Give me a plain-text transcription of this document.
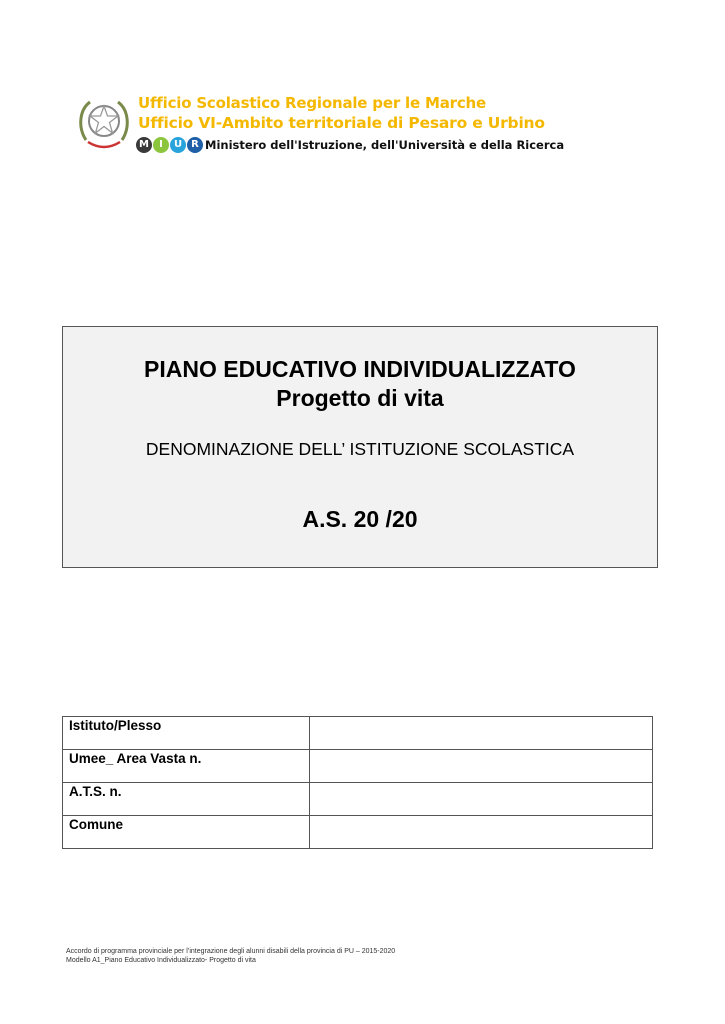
Ufficio Scolastico Regionale per le Marche
Ufficio VI-Ambito territoriale di Pesaro e Urbino
M	I	U R Ministero dell'Istruzione, dell'Università e della Ricerca
PIANO EDUCATIVO INDIVIDUALIZZATO
Progetto di vita
DENOMINAZIONE DELL’ ISTITUZIONE SCOLASTICA
A.S. 20 /20
Istituto/Plesso	
Umee_ Area Vasta n.	
A.T.S. n.	
Comune	
Accordo di programma provinciale per l’integrazione degli alunni disabili della provincia di PU – 2015-2020
Modello A1_Piano Educativo Individualizzato- Progetto di vita
